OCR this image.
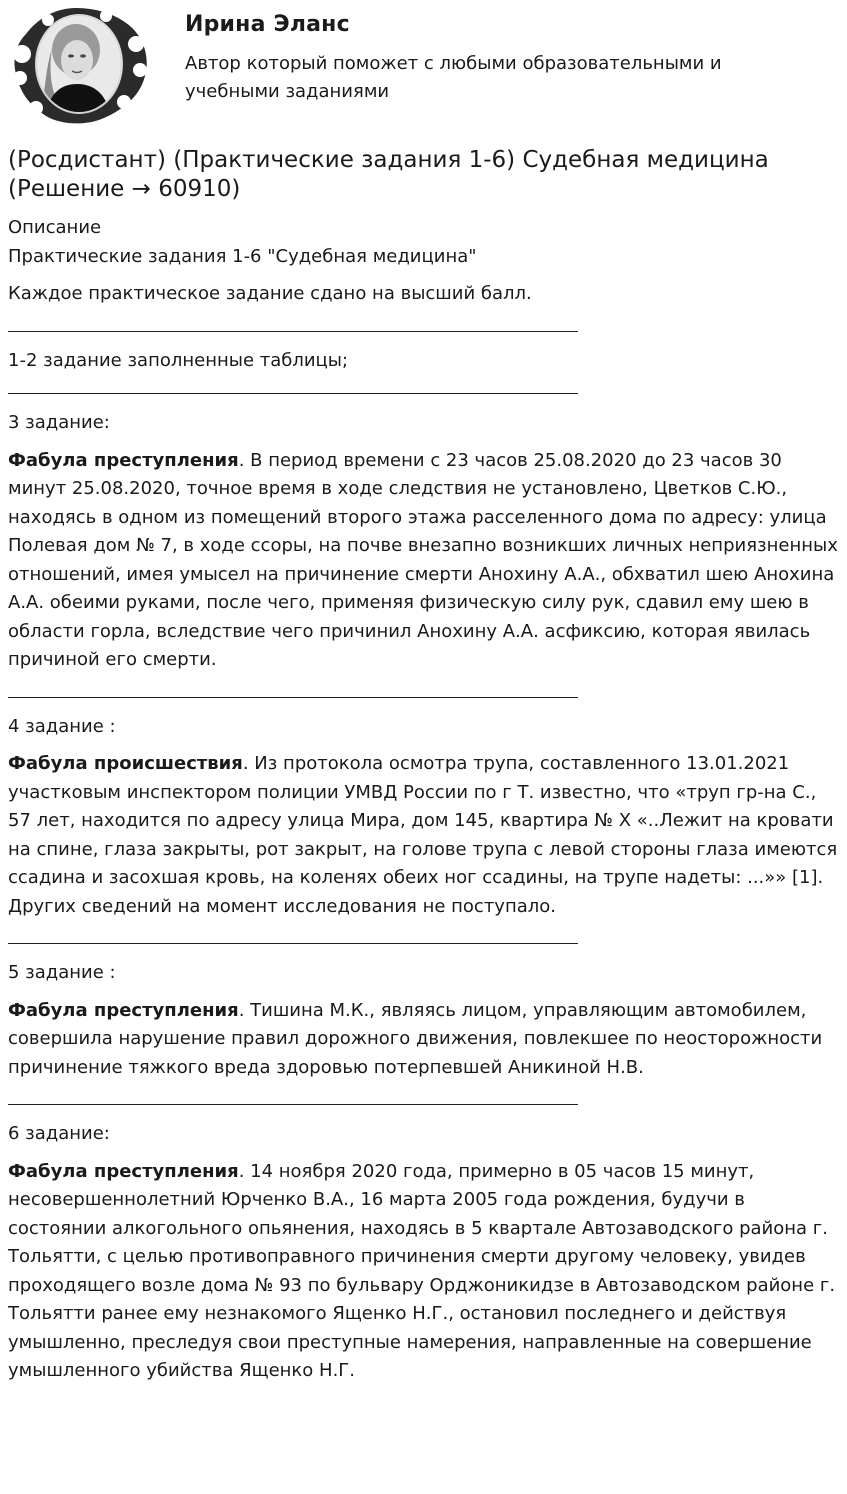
Ирина Эланс
Автор который поможет с любыми образовательными и учебными заданиями
(Росдистант) (Практические задания 1-6) Судебная медицина (Решение → 60910)

Описание

Практические задания 1-6 "Судебная медицина"

Каждое практическое задание сдано на высший балл.

1-2 задание заполненные таблицы;

3 задание:

Фабула преступления. В период времени с 23 часов 25.08.2020 до 23 часов 30 минут 25.08.2020, точное время в ходе следствия не установлено, Цветков С.Ю., находясь в одном из помещений второго этажа расселенного дома по адресу: улица Полевая дом № 7, в ходе ссоры, на почве внезапно возникших личных неприязненных отношений, имея умысел на причинение смерти Анохину А.А., обхватил шею Анохина А.А. обеими руками, после чего, применяя физическую силу рук, сдавил ему шею в области горла, вследствие чего причинил Анохину А.А. асфиксию, которая явилась причиной его смерти.

4 задание :

Фабула происшествия. Из протокола осмотра трупа, составленного 13.01.2021 участковым инспектором полиции УМВД России по г Т. известно, что «труп гр-на С., 57 лет, находится по адресу улица Мира, дом 145, квартира № Х «..Лежит на кровати на спине, глаза закрыты, рот закрыт, на голове трупа с левой стороны глаза имеются ссадина и засохшая кровь, на коленях обеих ног ссадины, на трупе надеты: ...»» [1]. Других сведений на момент исследования не поступало.

5 задание :

Фабула преступления. Тишина М.К., являясь лицом, управляющим автомобилем, совершила нарушение правил дорожного движения, повлекшее по неосторожности причинение тяжкого вреда здоровью потерпевшей Аникиной Н.В.

6 задание:

Фабула преступления. 14 ноября 2020 года, примерно в 05 часов 15 минут, несовершеннолетний Юрченко В.А., 16 марта 2005 года рождения, будучи в состоянии алкогольного опьянения, находясь в 5 квартале Автозаводского района г. Тольятти, с целью противоправного причинения смерти другому человеку, увидев проходящего возле дома № 93 по бульвару Орджоникидзе в Автозаводском районе г. Тольятти ранее ему незнакомого Ященко Н.Г., остановил последнего и действуя умышленно, преследуя свои преступные намерения, направленные на совершение умышленного убийства Ященко Н.Г.
